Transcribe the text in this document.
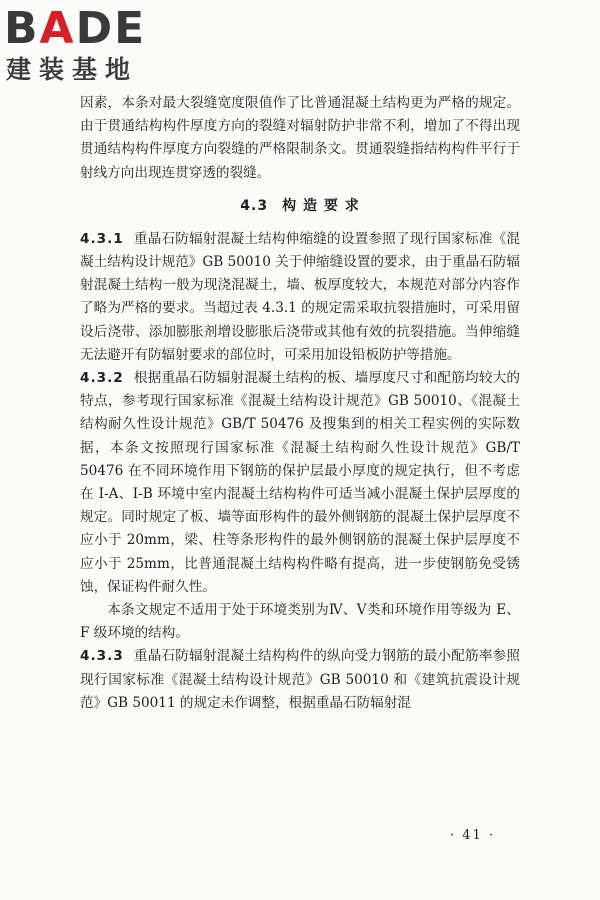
BADE
建装基地

因素，本条对最大裂缝宽度限值作了比普通混凝土结构更为严格的规定。由于贯通结构构件厚度方向的裂缝对辐射防护非常不利，增加了不得出现贯通结构构件厚度方向裂缝的严格限制条文。贯通裂缝指结构构件平行于射线方向出现连贯穿透的裂缝。

4.3 构 造 要 求

4.3.1 重晶石防辐射混凝土结构伸缩缝的设置参照了现行国家标准《混凝土结构设计规范》GB 50010 关于伸缩缝设置的要求，由于重晶石防辐射混凝土结构一般为现浇混凝土，墙、板厚度较大，本规范对部分内容作了略为严格的要求。当超过表 4.3.1 的规定需采取抗裂措施时，可采用留设后浇带、添加膨胀剂增设膨胀后浇带或其他有效的抗裂措施。当伸缩缝无法避开有防辐射要求的部位时，可采用加设铅板防护等措施。

4.3.2 根据重晶石防辐射混凝土结构的板、墙厚度尺寸和配筋均较大的特点，参考现行国家标准《混凝土结构设计规范》GB 50010、《混凝土结构耐久性设计规范》GB/T 50476 及搜集到的相关工程实例的实际数据，本条文按照现行国家标准《混凝土结构耐久性设计规范》GB/T 50476 在不同环境作用下钢筋的保护层最小厚度的规定执行，但不考虑在 I-A、I-B 环境中室内混凝土结构构件可适当减小混凝土保护层厚度的规定。同时规定了板、墙等面形构件的最外侧钢筋的混凝土保护层厚度不应小于 20mm，梁、柱等条形构件的最外侧钢筋的混凝土保护层厚度不应小于 25mm，比普通混凝土结构构件略有提高，进一步使钢筋免受锈蚀，保证构件耐久性。

本条文规定不适用于处于环境类别为Ⅳ、Ⅴ类和环境作用等级为 E、F 级环境的结构。

4.3.3 重晶石防辐射混凝土结构构件的纵向受力钢筋的最小配筋率参照现行国家标准《混凝土结构设计规范》GB 50010 和《建筑抗震设计规范》GB 50011 的规定未作调整，根据重晶石防辐射混

· 41 ·
